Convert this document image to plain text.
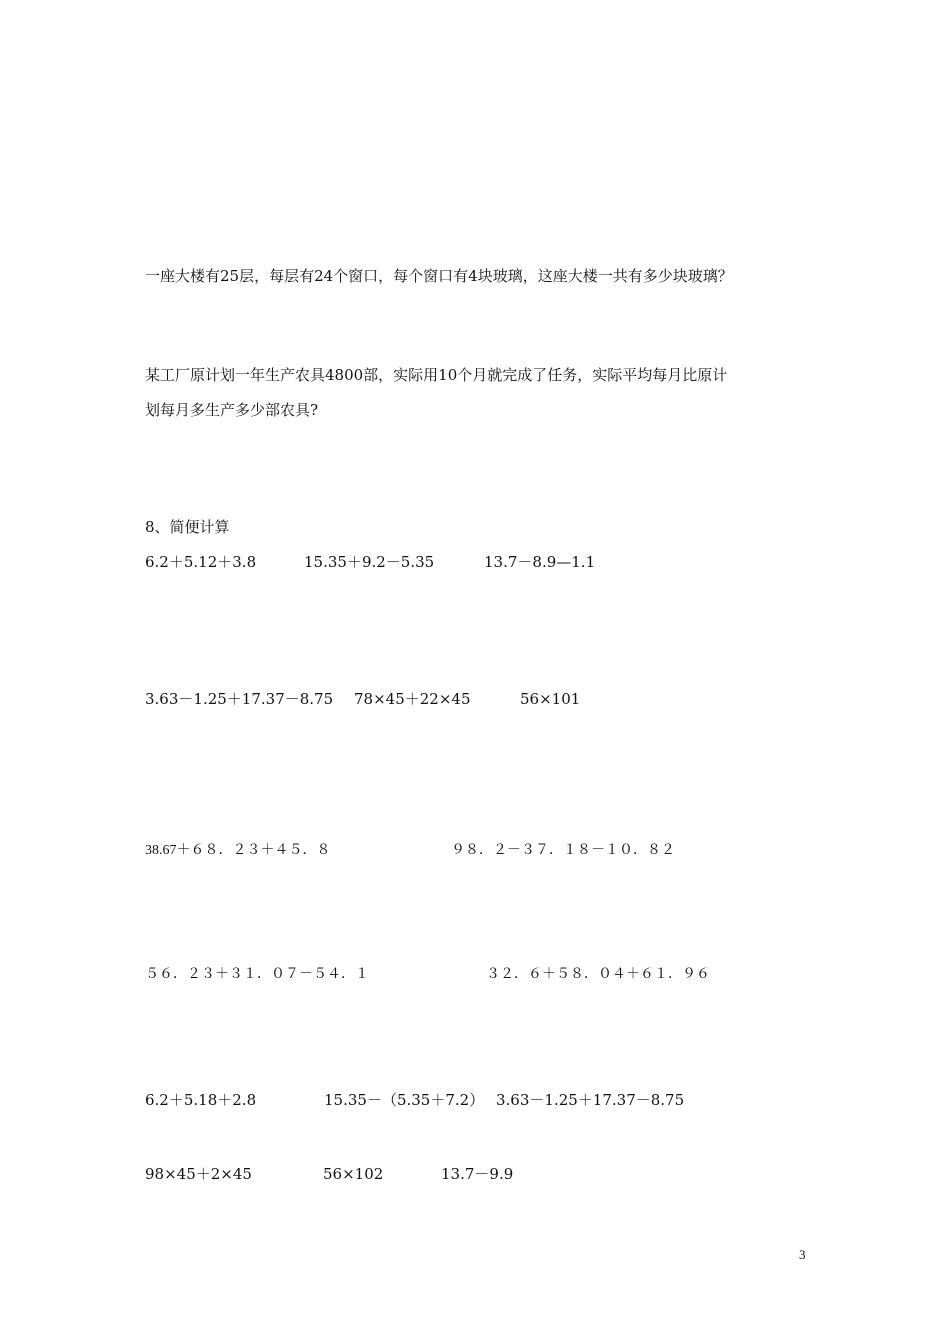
一座大楼有25层，每层有24个窗口，每个窗口有4块玻璃，这座大楼一共有多少块玻璃？
某工厂原计划一年生产农具4800部，实际用10个月就完成了任务，实际平均每月比原计
划每月多生产多少部农具?
8、简便计算
6.2＋5.12＋3.8	15.35＋9.2－5.35	13.7－8.9—1.1
3.63－1.25＋17.37－8.75 78×45＋22×45	56×101
38.67＋６８．２３＋４５．８	９８．２－３７．１８－１０．８２
５６．２３＋３１．０７－５４．１	３２．６＋５８．０４＋６１．９６
6.2＋5.18＋2.8	15.35－（5.35＋7.2） 3.63－1.25＋17.37－8.75
98×45＋2×45	56×102	13.7－9.9
3
